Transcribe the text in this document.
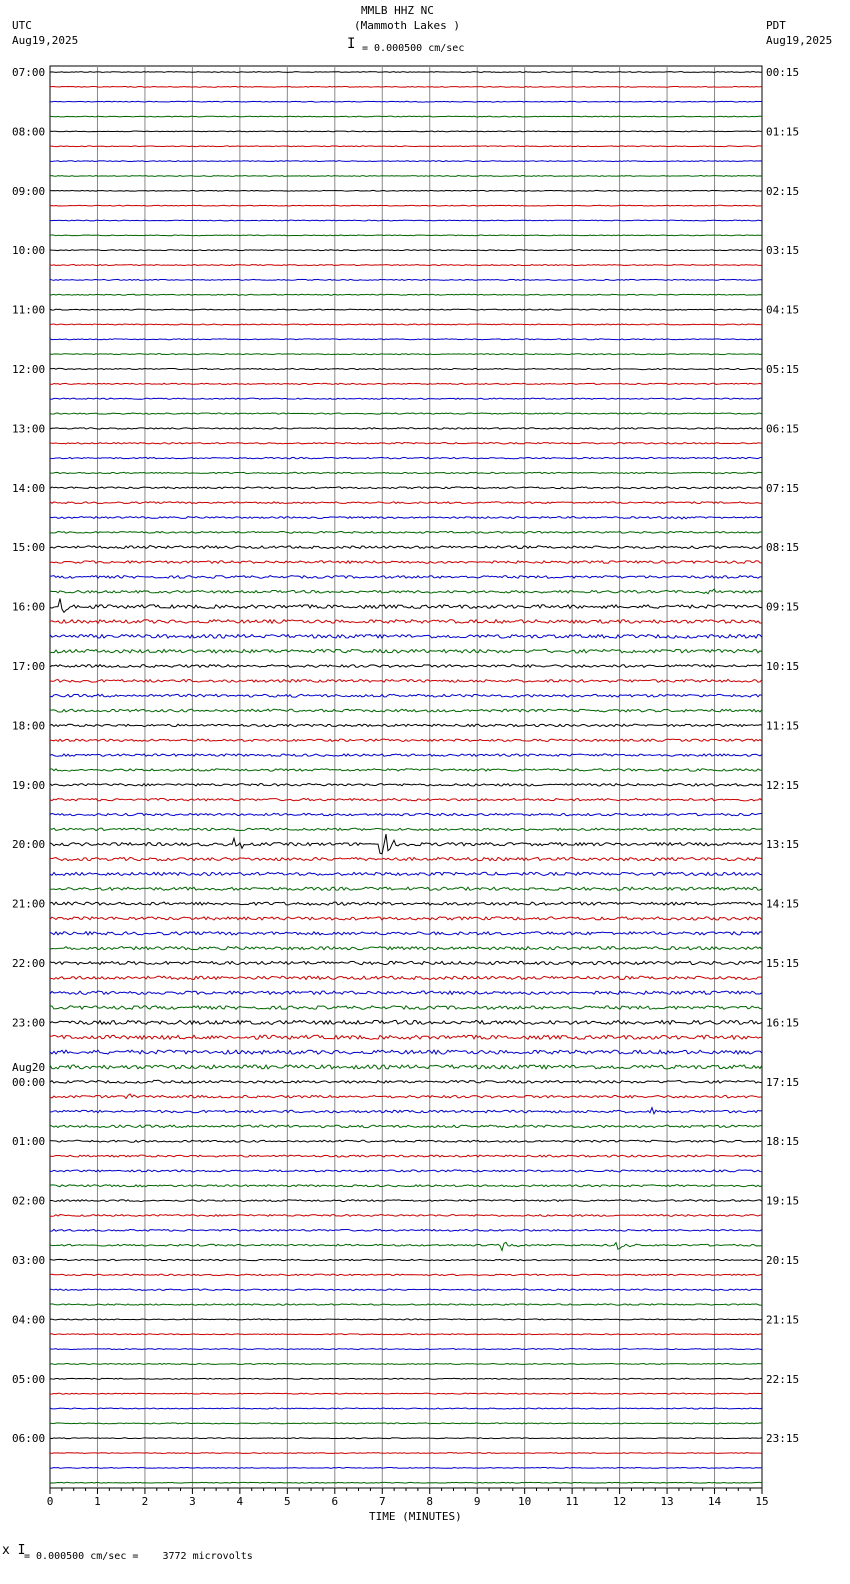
07:00	00:15
08:00	01:15
09:00	02:15
10:00	03:15
11:00	04:15
12:00	05:15
13:00	06:15
14:00	07:15
15:00	08:15
16:00	09:15
17:00	10:15
18:00	11:15
19:00	12:15
20:00	13:15
21:00	14:15
22:00	15:15
23:00	16:15
00:00	17:15
Aug20
01:00	18:15
02:00	19:15
03:00	20:15
04:00	21:15
05:00	22:15
06:00	23:15
0	1	2	3	4	5	6	7	8	9	10	11	12	13	14	15
MMLB HHZ NC
(Mammoth Lakes )
I = 0.000500 cm/sec
UTC
Aug19,2025
PDT
Aug19,2025
TIME (MINUTES)
x I
= 0.000500 cm/sec =    3772 microvolts
